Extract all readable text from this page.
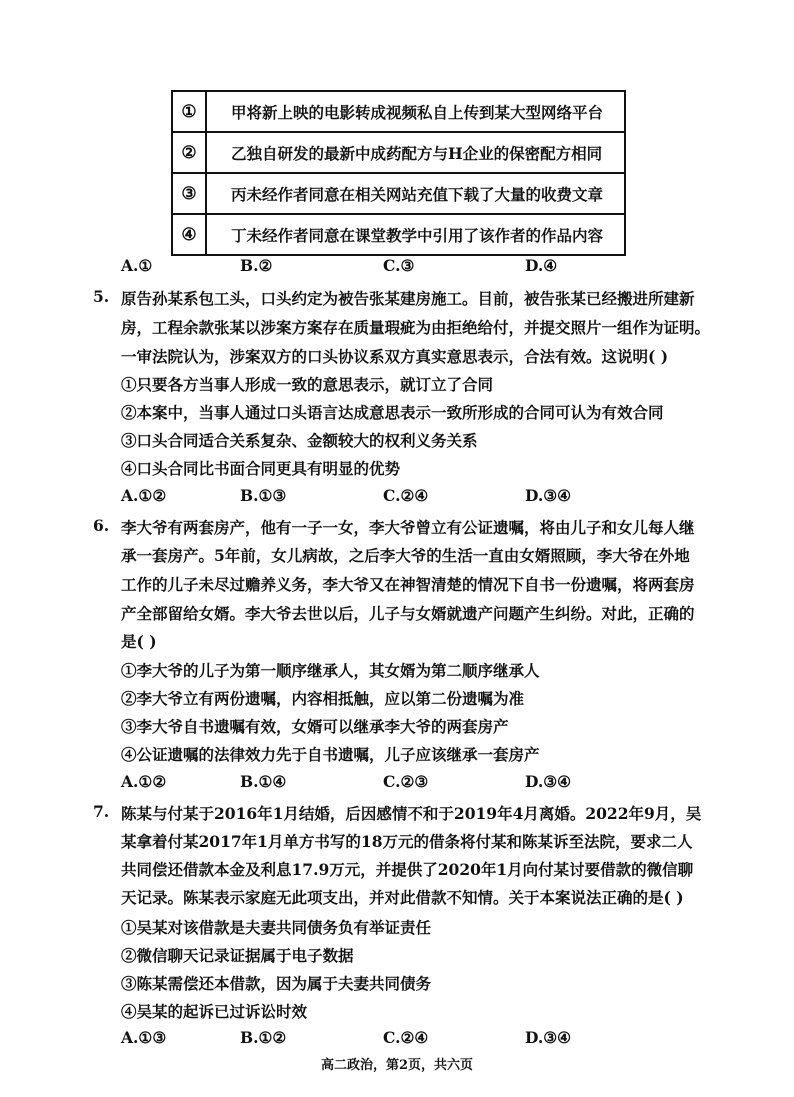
①	甲将新上映的电影转成视频私自上传到某大型网络平台
②	乙独自研发的最新中成药配方与H企业的保密配方相同
③	丙未经作者同意在相关网站充值下载了大量的收费文章
④	丁未经作者同意在课堂教学中引用了该作者的作品内容
A.①	B.②	C.③	D.④
5. 原告孙某系包工头，口头约定为被告张某建房施工。目前，被告张某已经搬进所建新
房，工程余款张某以涉案方案存在质量瑕疵为由拒绝给付，并提交照片一组作为证明。
一审法院认为，涉案双方的口头协议系双方真实意思表示，合法有效。这说明( )
①只要各方当事人形成一致的意思表示，就订立了合同
②本案中，当事人通过口头语言达成意思表示一致所形成的合同可认为有效合同
③口头合同适合关系复杂、金额较大的权利义务关系
④口头合同比书面合同更具有明显的优势
A.①②	B.①③	C.②④	D.③④
6. 李大爷有两套房产，他有一子一女，李大爷曾立有公证遗嘱，将由儿子和女儿每人继
承一套房产。5年前，女儿病故，之后李大爷的生活一直由女婿照顾，李大爷在外地
工作的儿子未尽过赡养义务，李大爷又在神智清楚的情况下自书一份遗嘱，将两套房
产全部留给女婿。李大爷去世以后，儿子与女婿就遗产问题产生纠纷。对此，正确的
是( )
①李大爷的儿子为第一顺序继承人，其女婿为第二顺序继承人
②李大爷立有两份遗嘱，内容相抵触，应以第二份遗嘱为准
③李大爷自书遗嘱有效，女婿可以继承李大爷的两套房产
④公证遗嘱的法律效力先于自书遗嘱，儿子应该继承一套房产
A.①②	B.①④	C.②③	D.③④
7. 陈某与付某于2016年1月结婚，后因感情不和于2019年4月离婚。2022年9月，吴
某拿着付某2017年1月单方书写的18万元的借条将付某和陈某诉至法院，要求二人
共同偿还借款本金及利息17.9万元，并提供了2020年1月向付某讨要借款的微信聊
天记录。陈某表示家庭无此项支出，并对此借款不知情。关于本案说法正确的是( )
①吴某对该借款是夫妻共同债务负有举证责任
②微信聊天记录证据属于电子数据
③陈某需偿还本借款，因为属于夫妻共同债务
④吴某的起诉已过诉讼时效
A.①③	B.①②	C.②④	D.③④
高二政治，第2页，共六页
